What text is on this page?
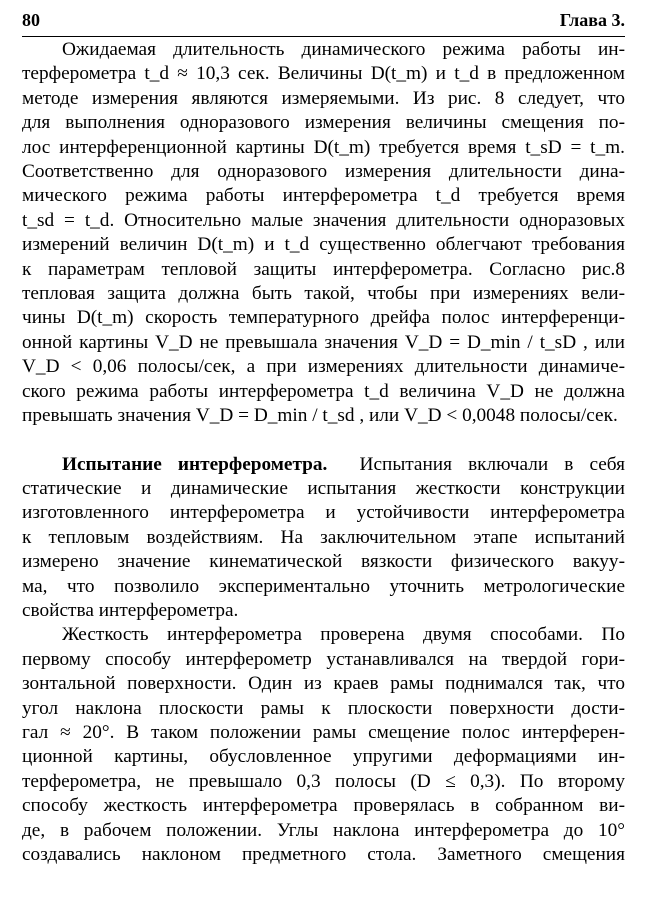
80	Глава 3.

Ожидаемая длительность динамического режима работы ин-
терферометра t_d ≈ 10,3 сек. Величины D(t_m) и t_d в предложенном
методе измерения являются измеряемыми. Из рис. 8 следует, что
для выполнения одноразового измерения величины смещения по-
лос интерференционной картины D(t_m) требуется время t_sD = t_m.
Соответственно для одноразового измерения длительности дина-
мического режима работы интерферометра t_d требуется время
t_sd = t_d. Относительно малые значения длительности одноразовых
измерений величин D(t_m) и t_d существенно облегчают требования
к параметрам тепловой защиты интерферометра. Согласно рис.8
тепловая защита должна быть такой, чтобы при измерениях вели-
чины D(t_m) скорость температурного дрейфа полос интерференци-
онной картины V_D не превышала значения V_D = D_min / t_sD , или
V_D < 0,06 полосы/сек, а при измерениях длительности динамиче-
ского режима работы интерферометра t_d величина V_D не должна
превышать значения V_D = D_min / t_sd , или V_D < 0,0048 полосы/сек.

Испытание интерферометра. Испытания включали в себя
статические и динамические испытания жесткости конструкции
изготовленного интерферометра и устойчивости интерферометра
к тепловым воздействиям. На заключительном этапе испытаний
измерено значение кинематической вязкости физического вакуу-
ма, что позволило экспериментально уточнить метрологические
свойства интерферометра.

Жесткость интерферометра проверена двумя способами. По
первому способу интерферометр устанавливался на твердой гори-
зонтальной поверхности. Один из краев рамы поднимался так, что
угол наклона плоскости рамы к плоскости поверхности дости-
гал ≈ 20°. В таком положении рамы смещение полос интерферен-
ционной картины, обусловленное упругими деформациями ин-
терферометра, не превышало 0,3 полосы (D ≤ 0,3). По второму
способу жесткость интерферометра проверялась в собранном ви-
де, в рабочем положении. Углы наклона интерферометра до 10°
создавались наклоном предметного стола. Заметного смещения
